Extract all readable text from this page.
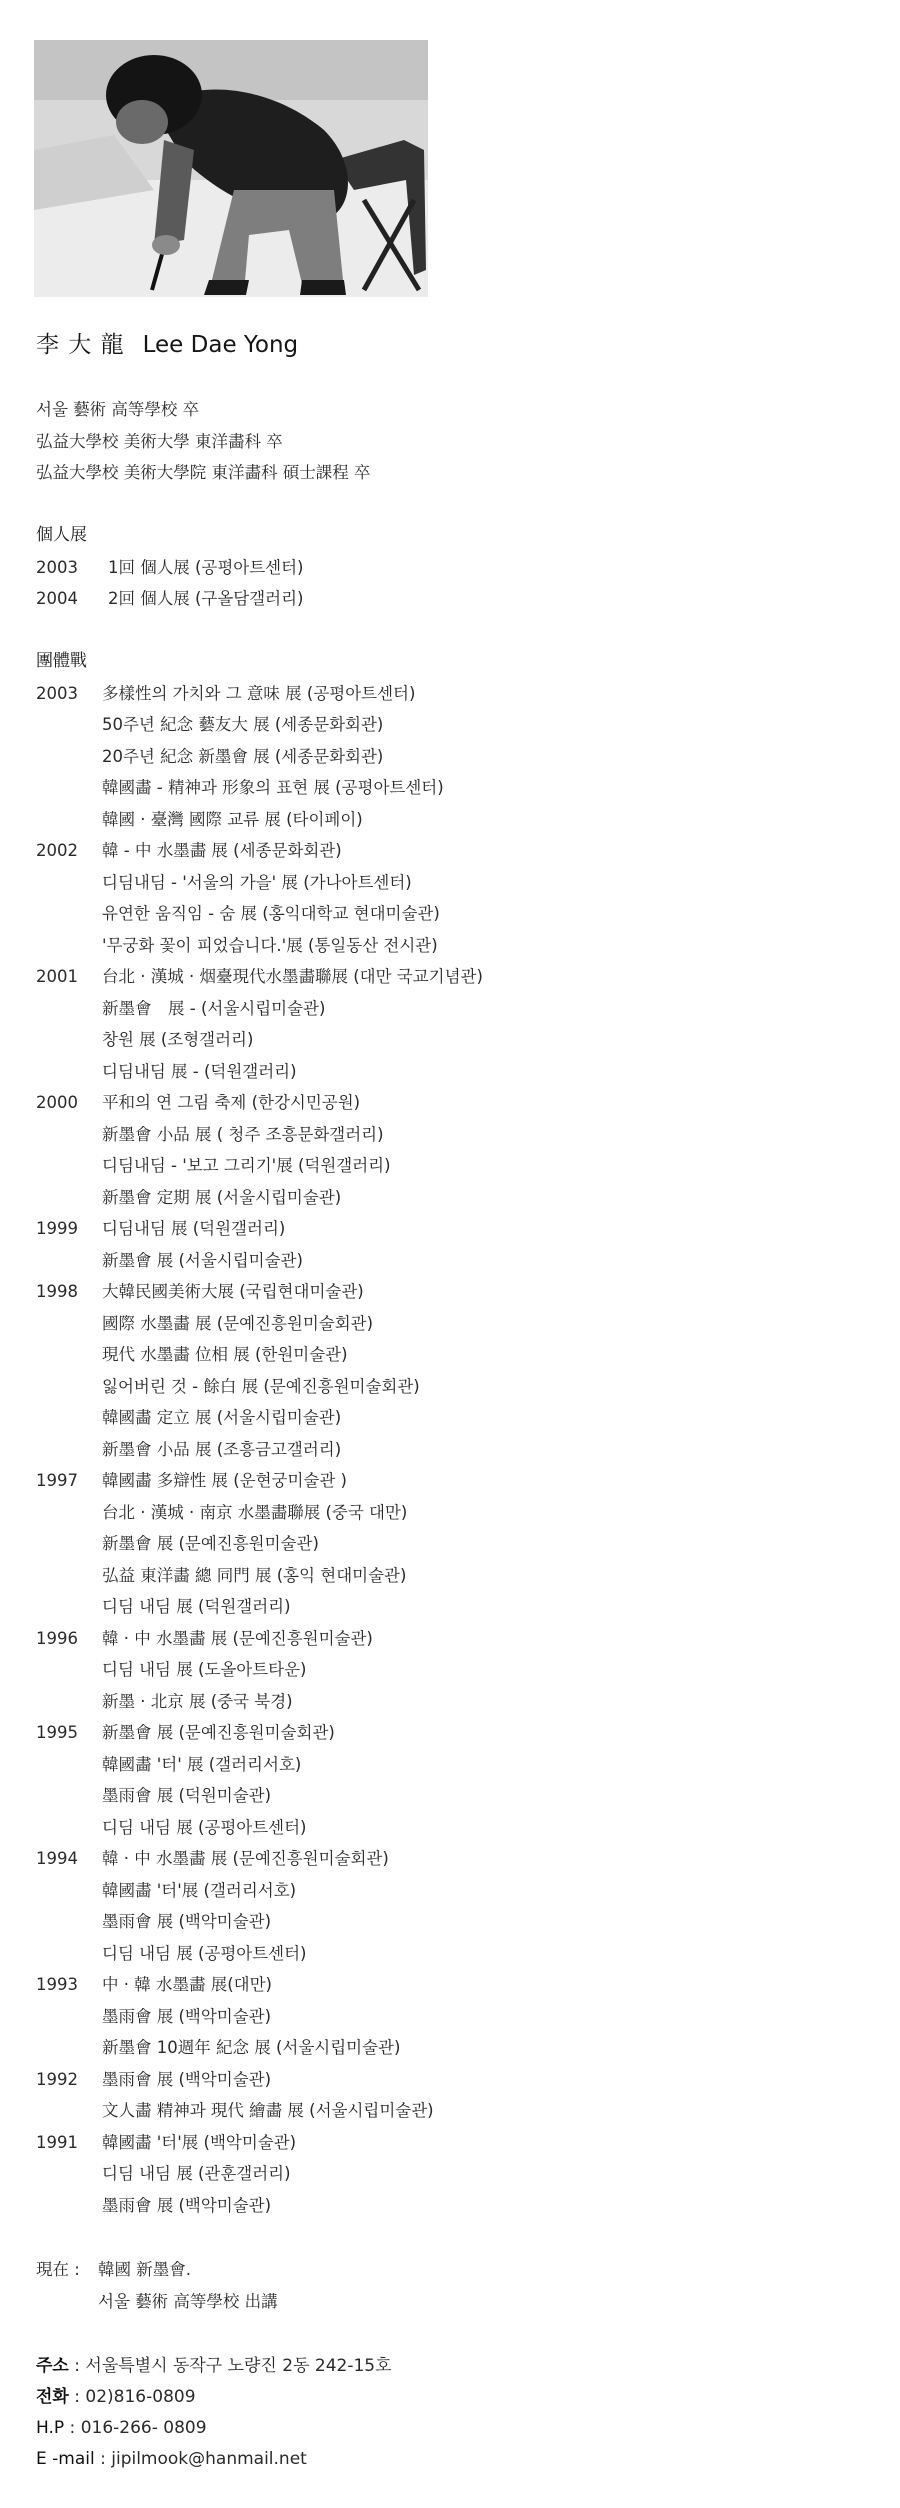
李 大 龍 Lee Dae Yong
서울 藝術 高等學校 卒
弘益大學校 美術大學 東洋畵科 卒
弘益大學校 美術大學院 東洋畵科 碩士課程 卒
個人展
2003 1回 個人展 (공평아트센터)
2004 2回 個人展 (구올담갤러리)
團體戰
2003 多樣性의 가치와 그 意味 展 (공평아트센터)
50주년 紀念 藝友大 展 (세종문화회관)
20주년 紀念 新墨會 展 (세종문화회관)
韓國畵 - 精神과 形象의 표현 展 (공평아트센터)
韓國 · 臺灣 國際 교류 展 (타이페이)
2002 韓 - 中 水墨畵 展 (세종문화회관)
디딤내딤 - '서울의 가을' 展 (가나아트센터)
유연한 움직임 - 숨 展 (홍익대학교 현대미술관)
'무궁화 꽃이 피었습니다.'展 (통일동산 전시관)
2001 台北 · 漢城 · 烟臺現代水墨畵聯展 (대만 국교기념관)
新墨會　展 - (서울시립미술관)
창원 展 (조형갤러리)
디딤내딤 展 - (덕원갤러리)
2000 平和의 연 그림 축제 (한강시민공원)
新墨會 小品 展 ( 청주 조흥문화갤러리)
디딤내딤 - '보고 그리기'展 (덕원갤러리)
新墨會 定期 展 (서울시립미술관)
1999 디딤내딤 展 (덕원갤러리)
新墨會 展 (서울시립미술관)
1998 大韓民國美術大展 (국립현대미술관)
國際 水墨畵 展 (문예진흥원미술회관)
現代 水墨畵 位相 展 (한원미술관)
잃어버린 것 - 餘白 展 (문예진흥원미술회관)
韓國畵 定立 展 (서울시립미술관)
新墨會 小品 展 (조흥금고갤러리)
1997 韓國畵 多辯性 展 (운현궁미술관 )
台北 · 漢城 · 南京 水墨畵聯展 (중국 대만)
新墨會 展 (문예진흥원미술관)
弘益 東洋畵 總 同門 展 (홍익 현대미술관)
디딤 내딤 展 (덕원갤러리)
1996 韓 · 中 水墨畵 展 (문예진흥원미술관)
디딤 내딤 展 (도올아트타운)
新墨 · 北京 展 (중국 북경)
1995 新墨會 展 (문예진흥원미술회관)
韓國畵 '터' 展 (갤러리서호)
墨雨會 展 (덕원미술관)
디딤 내딤 展 (공평아트센터)
1994 韓 · 中 水墨畵 展 (문예진흥원미술회관)
韓國畵 '터'展 (갤러리서호)
墨雨會 展 (백악미술관)
디딤 내딤 展 (공평아트센터)
1993 中 · 韓 水墨畵 展(대만)
墨雨會 展 (백악미술관)
新墨會 10週年 紀念 展 (서울시립미술관)
1992 墨雨會 展 (백악미술관)
文人畵 精神과 現代 繪畵 展 (서울시립미술관)
1991 韓國畵 '터'展 (백악미술관)
디딤 내딤 展 (관훈갤러리)
墨雨會 展 (백악미술관)
現在 : 韓國 新墨會.
서울 藝術 高等學校 出講
주소 : 서울특별시 동작구 노량진 2동 242-15호
전화 : 02)816-0809
H.P : 016-266- 0809
E -mail : jipilmook@hanmail.net
